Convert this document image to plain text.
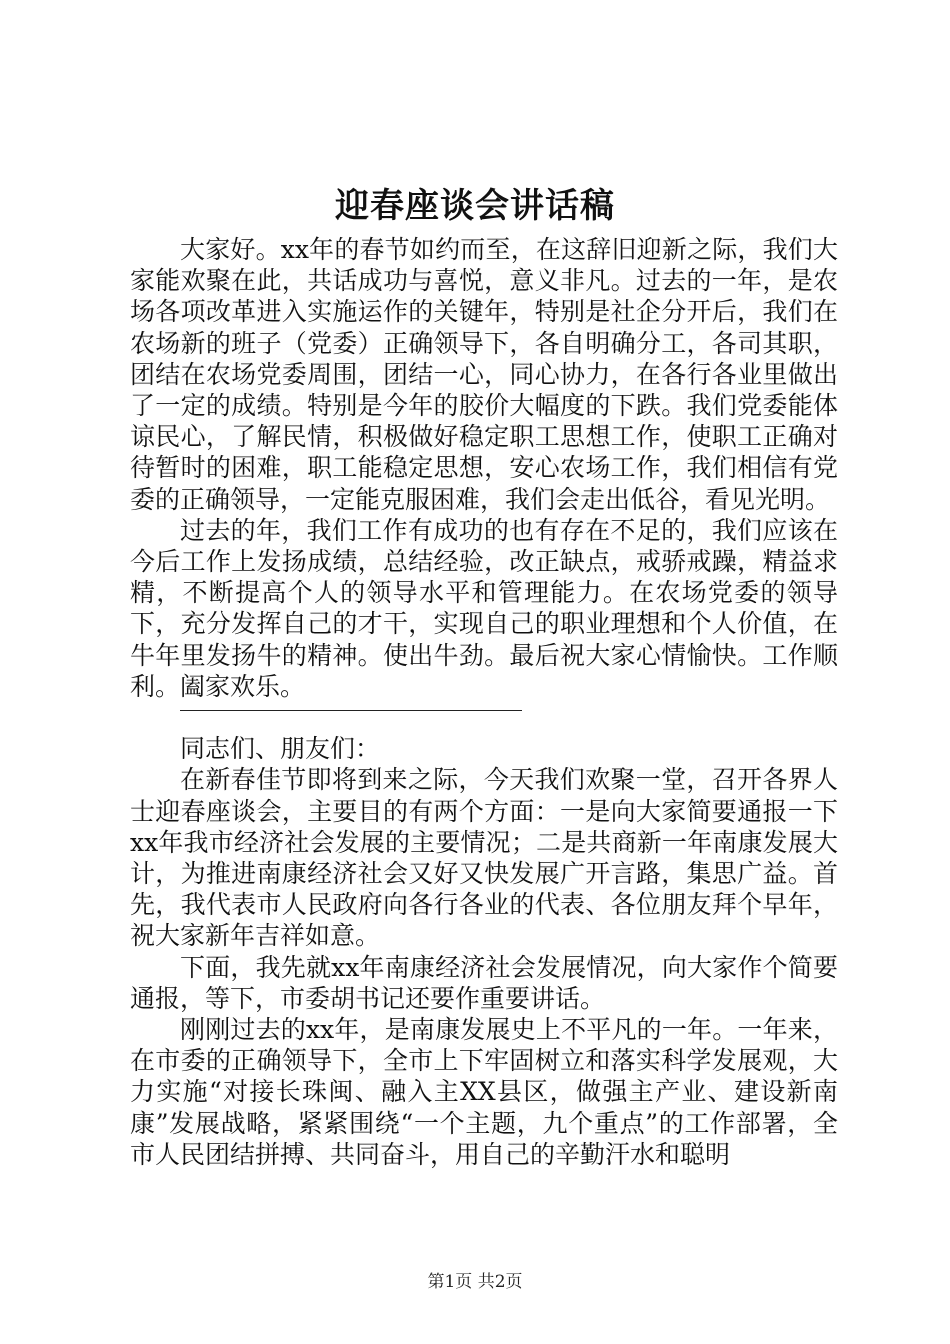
迎春座谈会讲话稿

大家好。xx年的春节如约而至，在这辞旧迎新之际，我们大家能欢聚在此，共话成功与喜悦，意义非凡。过去的一年，是农场各项改革进入实施运作的关键年，特别是社企分开后，我们在农场新的班子（党委）正确领导下，各自明确分工，各司其职，团结在农场党委周围，团结一心，同心协力，在各行各业里做出了一定的成绩。特别是今年的胶价大幅度的下跌。我们党委能体谅民心，了解民情，积极做好稳定职工思想工作，使职工正确对待暂时的困难，职工能稳定思想，安心农场工作，我们相信有党委的正确领导，一定能克服困难，我们会走出低谷，看见光明。

过去的年，我们工作有成功的也有存在不足的，我们应该在今后工作上发扬成绩，总结经验，改正缺点，戒骄戒躁，精益求精，不断提高个人的领导水平和管理能力。在农场党委的领导下，充分发挥自己的才干，实现自己的职业理想和个人价值，在牛年里发扬牛的精神。使出牛劲。最后祝大家心情愉快。工作顺利。阖家欢乐。

同志们、朋友们：

在新春佳节即将到来之际，今天我们欢聚一堂，召开各界人士迎春座谈会，主要目的有两个方面：一是向大家简要通报一下xx年我市经济社会发展的主要情况；二是共商新一年南康发展大计，为推进南康经济社会又好又快发展广开言路，集思广益。首先，我代表市人民政府向各行各业的代表、各位朋友拜个早年，祝大家新年吉祥如意。

下面，我先就xx年南康经济社会发展情况，向大家作个简要通报，等下，市委胡书记还要作重要讲话。

刚刚过去的xx年，是南康发展史上不平凡的一年。一年来，在市委的正确领导下，全市上下牢固树立和落实科学发展观，大力实施“对接长珠闽、融入主XX县区，做强主产业、建设新南康”发展战略，紧紧围绕“一个主题，九个重点”的工作部署，全市人民团结拼搏、共同奋斗，用自己的辛勤汗水和聪明

第1页 共2页
